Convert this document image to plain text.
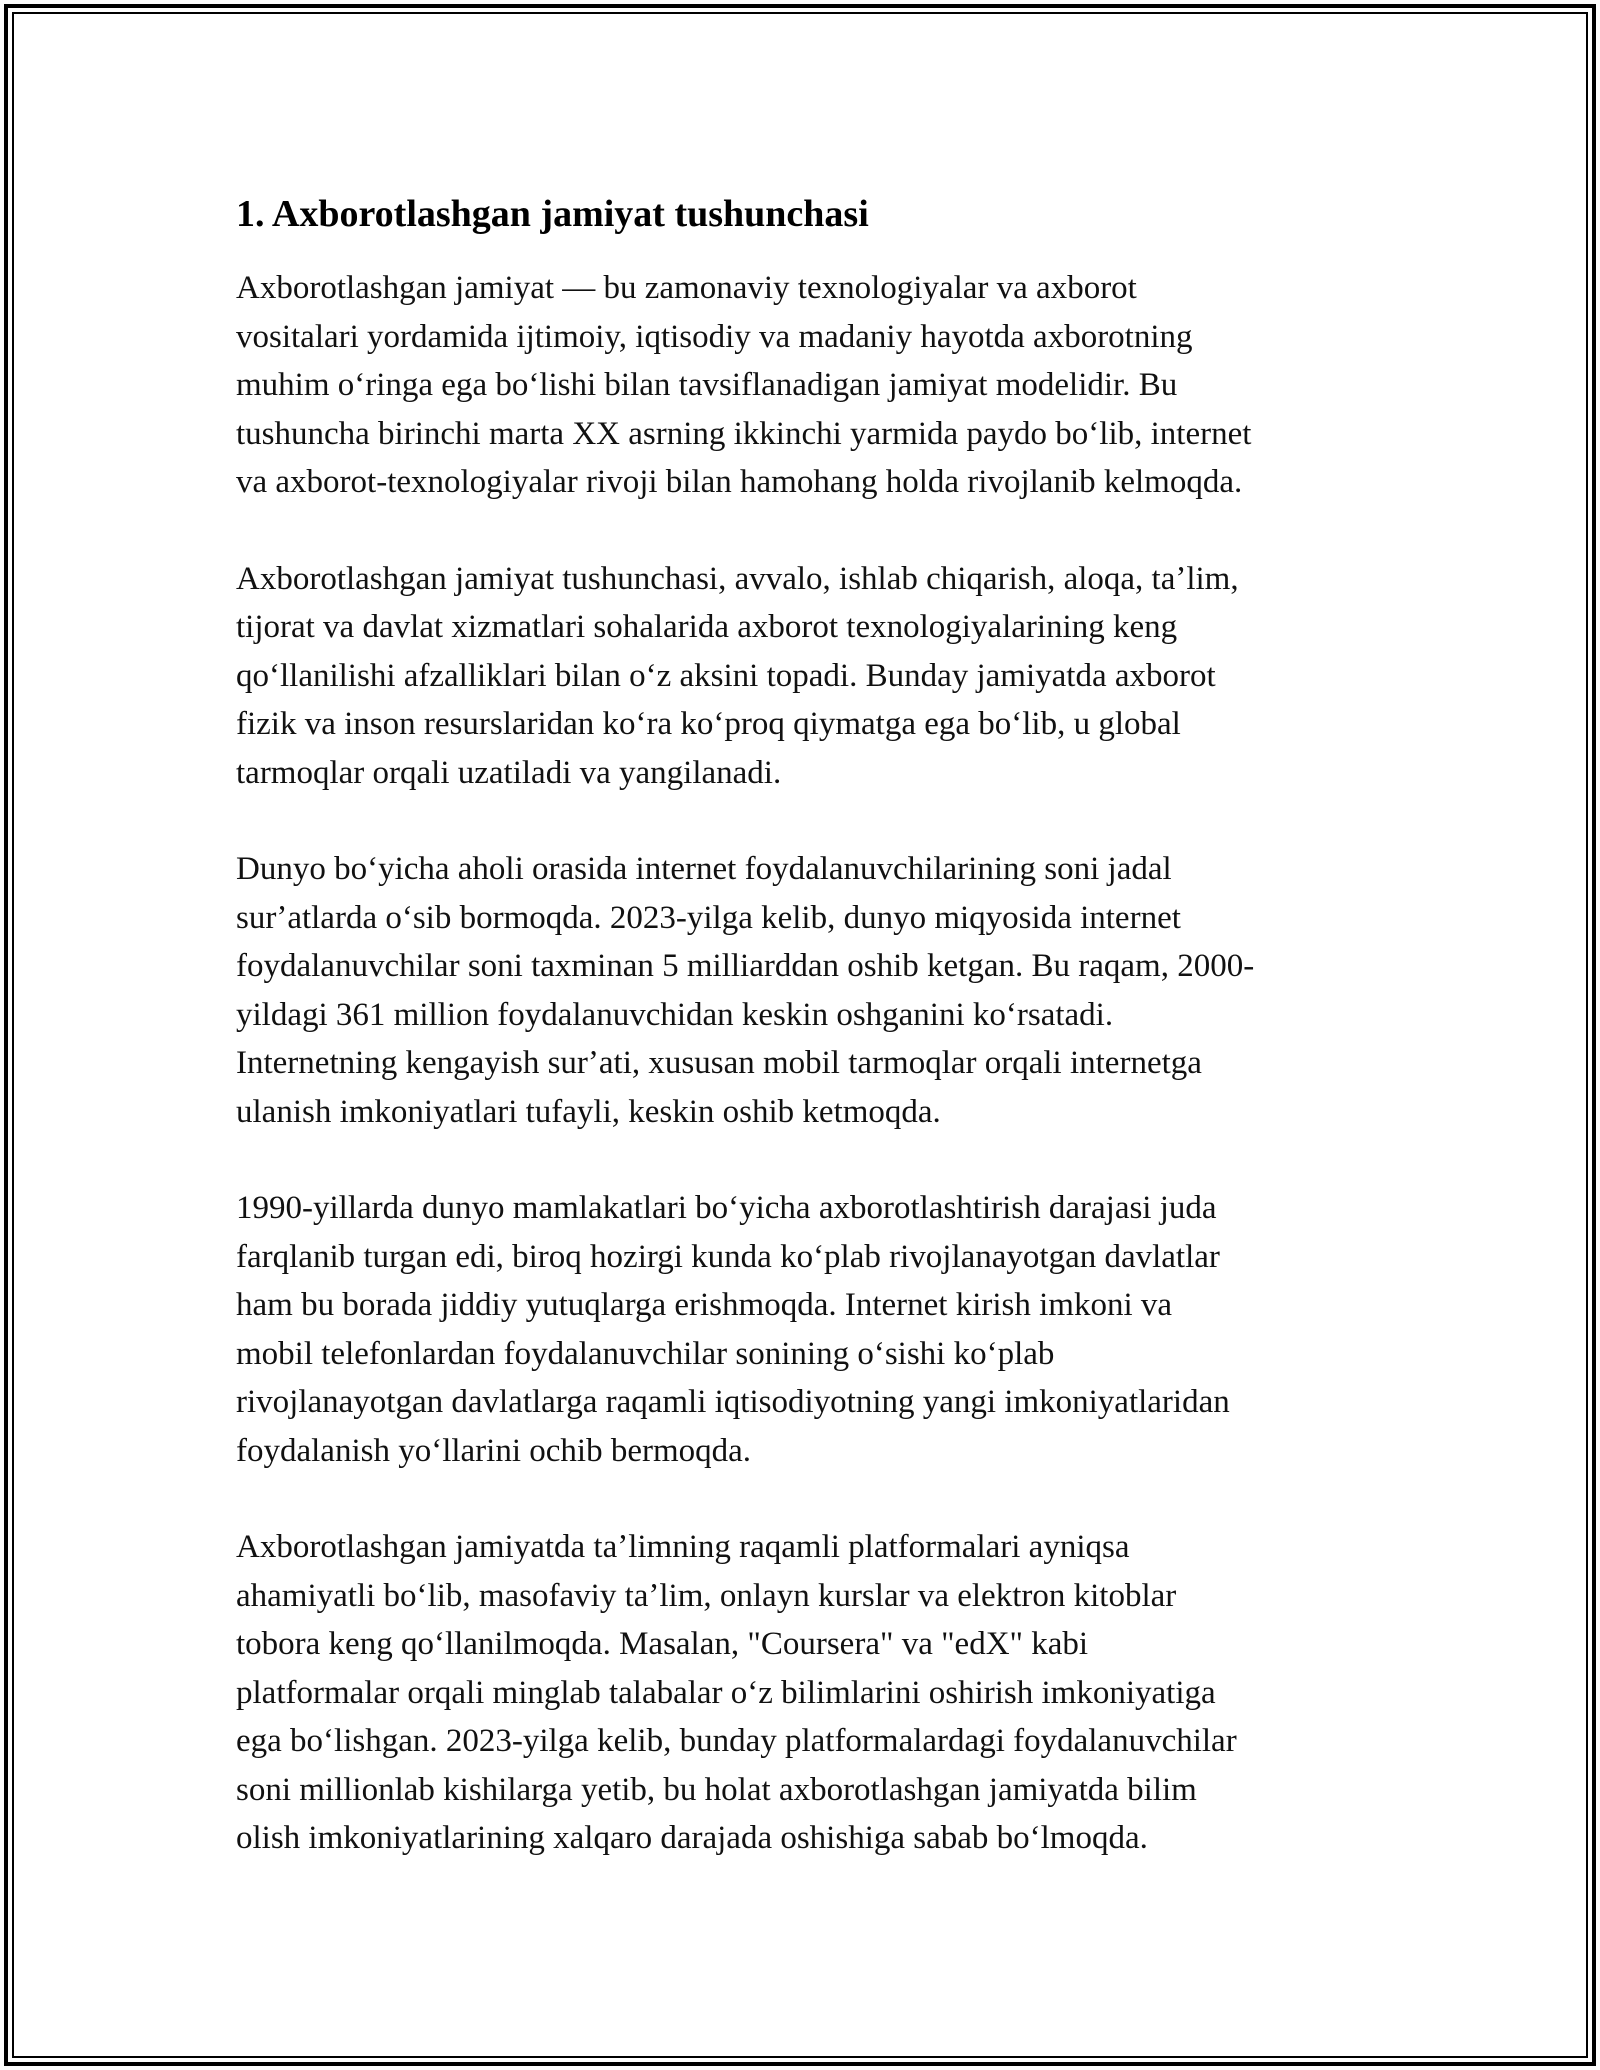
1. Axborotlashgan jamiyat tushunchasi

Axborotlashgan jamiyat — bu zamonaviy texnologiyalar va axborot
vositalari yordamida ijtimoiy, iqtisodiy va madaniy hayotda axborotning
muhim oʻringa ega boʻlishi bilan tavsiflanadigan jamiyat modelidir. Bu
tushuncha birinchi marta XX asrning ikkinchi yarmida paydo boʻlib, internet
va axborot-texnologiyalar rivoji bilan hamohang holda rivojlanib kelmoqda.

Axborotlashgan jamiyat tushunchasi, avvalo, ishlab chiqarish, aloqa, taʼlim,
tijorat va davlat xizmatlari sohalarida axborot texnologiyalarining keng
qoʻllanilishi afzalliklari bilan oʻz aksini topadi. Bunday jamiyatda axborot
fizik va inson resurslaridan koʻra koʻproq qiymatga ega boʻlib, u global
tarmoqlar orqali uzatiladi va yangilanadi.

Dunyo boʻyicha aholi orasida internet foydalanuvchilarining soni jadal
surʼatlarda oʻsib bormoqda. 2023-yilga kelib, dunyo miqyosida internet
foydalanuvchilar soni taxminan 5 milliarddan oshib ketgan. Bu raqam, 2000-
yildagi 361 million foydalanuvchidan keskin oshganini koʻrsatadi.
Internetning kengayish surʼati, xususan mobil tarmoqlar orqali internetga
ulanish imkoniyatlari tufayli, keskin oshib ketmoqda.

1990-yillarda dunyo mamlakatlari boʻyicha axborotlashtirish darajasi juda
farqlanib turgan edi, biroq hozirgi kunda koʻplab rivojlanayotgan davlatlar
ham bu borada jiddiy yutuqlarga erishmoqda. Internet kirish imkoni va
mobil telefonlardan foydalanuvchilar sonining oʻsishi koʻplab
rivojlanayotgan davlatlarga raqamli iqtisodiyotning yangi imkoniyatlaridan
foydalanish yoʻllarini ochib bermoqda.

Axborotlashgan jamiyatda taʼlimning raqamli platformalari ayniqsa
ahamiyatli boʻlib, masofaviy taʼlim, onlayn kurslar va elektron kitoblar
tobora keng qoʻllanilmoqda. Masalan, "Coursera" va "edX" kabi
platformalar orqali minglab talabalar oʻz bilimlarini oshirish imkoniyatiga
ega boʻlishgan. 2023-yilga kelib, bunday platformalardagi foydalanuvchilar
soni millionlab kishilarga yetib, bu holat axborotlashgan jamiyatda bilim
olish imkoniyatlarining xalqaro darajada oshishiga sabab boʻlmoqda.
